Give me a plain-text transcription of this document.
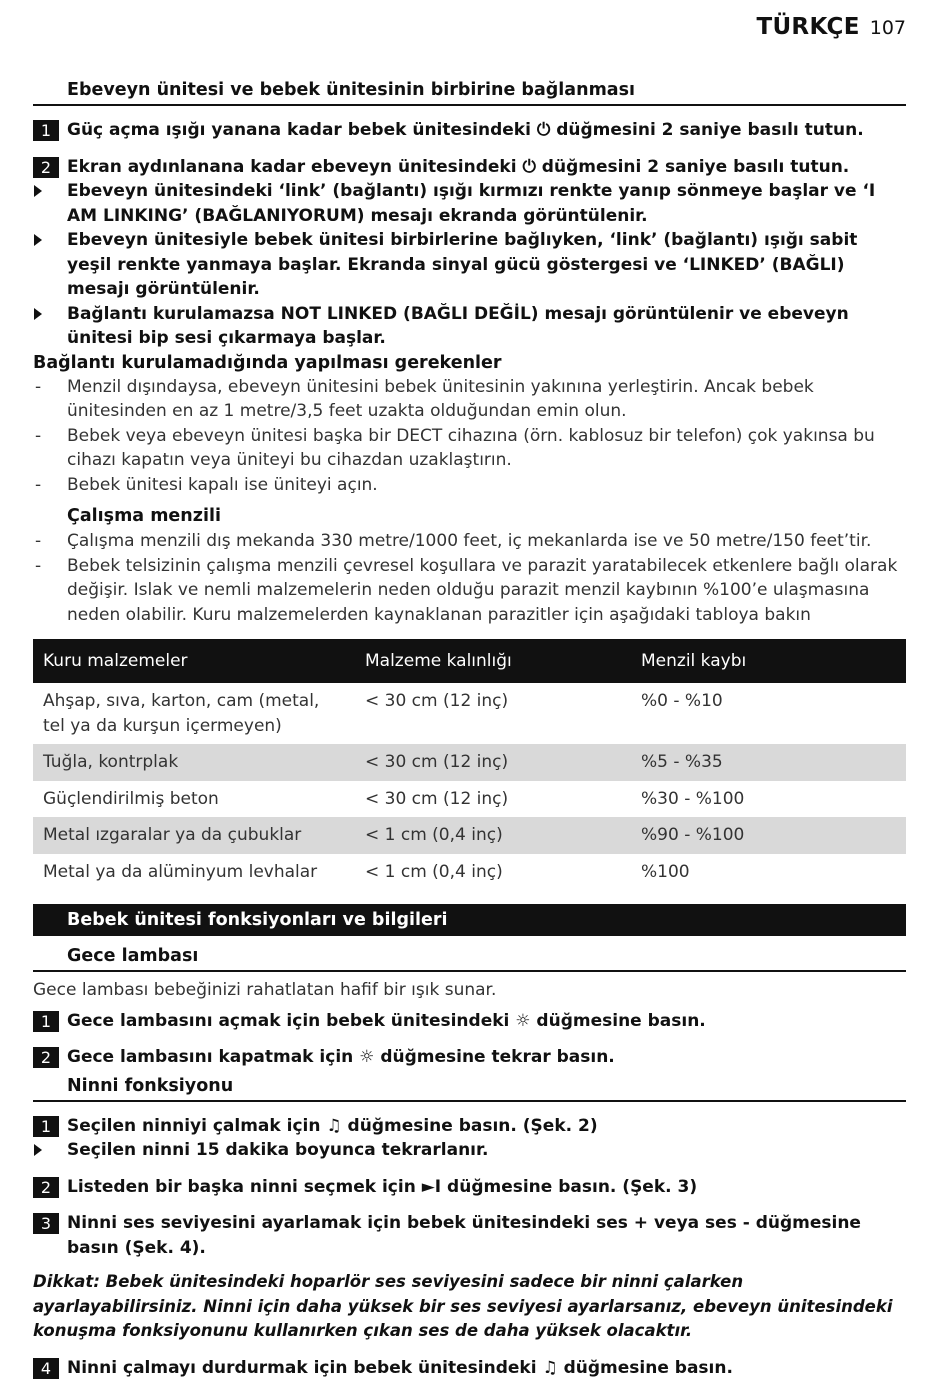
TÜRKÇE 107
Ebeveyn ünitesi ve bebek ünitesinin birbirine bağlanması
1 Güç açma ışığı yanana kadar bebek ünitesindeki ⏻ düğmesini 2 saniye basılı tutun.
2 Ekran aydınlanana kadar ebeveyn ünitesindeki ⏻ düğmesini 2 saniye basılı tutun.
Ebeveyn ünitesindeki ‘link’ (bağlantı) ışığı kırmızı renkte yanıp sönmeye başlar ve ‘I AM LINKING’ (BAĞLANIYORUM) mesajı ekranda görüntülenir.
Ebeveyn ünitesiyle bebek ünitesi birbirlerine bağlıyken, ‘link’ (bağlantı) ışığı sabit yeşil renkte yanmaya başlar. Ekranda sinyal gücü göstergesi ve ‘LINKED’ (BAĞLI) mesajı görüntülenir.
Bağlantı kurulamazsa NOT LINKED (BAĞLI DEĞİL) mesajı görüntülenir ve ebeveyn ünitesi bip sesi çıkarmaya başlar.
Bağlantı kurulamadığında yapılması gerekenler
- Menzil dışındaysa, ebeveyn ünitesini bebek ünitesinin yakınına yerleştirin. Ancak bebek ünitesinden en az 1 metre/3,5 feet uzakta olduğundan emin olun.
- Bebek veya ebeveyn ünitesi başka bir DECT cihazına (örn. kablosuz bir telefon) çok yakınsa bu cihazı kapatın veya üniteyi bu cihazdan uzaklaştırın.
- Bebek ünitesi kapalı ise üniteyi açın.
Çalışma menzili
- Çalışma menzili dış mekanda 330 metre/1000 feet, iç mekanlarda ise ve 50 metre/150 feet’tir.
- Bebek telsizinin çalışma menzili çevresel koşullara ve parazit yaratabilecek etkenlere bağlı olarak değişir. Islak ve nemli malzemelerin neden olduğu parazit menzil kaybının %100’e ulaşmasına neden olabilir. Kuru malzemelerden kaynaklanan parazitler için aşağıdaki tabloya bakın
Kuru malzemeler	Malzeme kalınlığı	Menzil kaybı
Ahşap, sıva, karton, cam (metal, tel ya da kurşun içermeyen)	< 30 cm (12 inç)	%0 - %10
Tuğla, kontrplak	< 30 cm (12 inç)	%5 - %35
Güçlendirilmiş beton	< 30 cm (12 inç)	%30 - %100
Metal ızgaralar ya da çubuklar	< 1 cm (0,4 inç)	%90 - %100
Metal ya da alüminyum levhalar	< 1 cm (0,4 inç)	%100
Bebek ünitesi fonksiyonları ve bilgileri
Gece lambası
Gece lambası bebeğinizi rahatlatan hafif bir ışık sunar.
1 Gece lambasını açmak için bebek ünitesindeki ☼ düğmesine basın.
2 Gece lambasını kapatmak için ☼ düğmesine tekrar basın.
Ninni fonksiyonu
1 Seçilen ninniyi çalmak için ♫ düğmesine basın. (Şek. 2)
Seçilen ninni 15 dakika boyunca tekrarlanır.
2 Listeden bir başka ninni seçmek için ►I düğmesine basın. (Şek. 3)
3 Ninni ses seviyesini ayarlamak için bebek ünitesindeki ses + veya ses - düğmesine basın (Şek. 4).
Dikkat: Bebek ünitesindeki hoparlör ses seviyesini sadece bir ninni çalarken ayarlayabilirsiniz. Ninni için daha yüksek bir ses seviyesi ayarlarsanız, ebeveyn ünitesindeki konuşma fonksiyonunu kullanırken çıkan ses de daha yüksek olacaktır.
4 Ninni çalmayı durdurmak için bebek ünitesindeki ♫ düğmesine basın.
